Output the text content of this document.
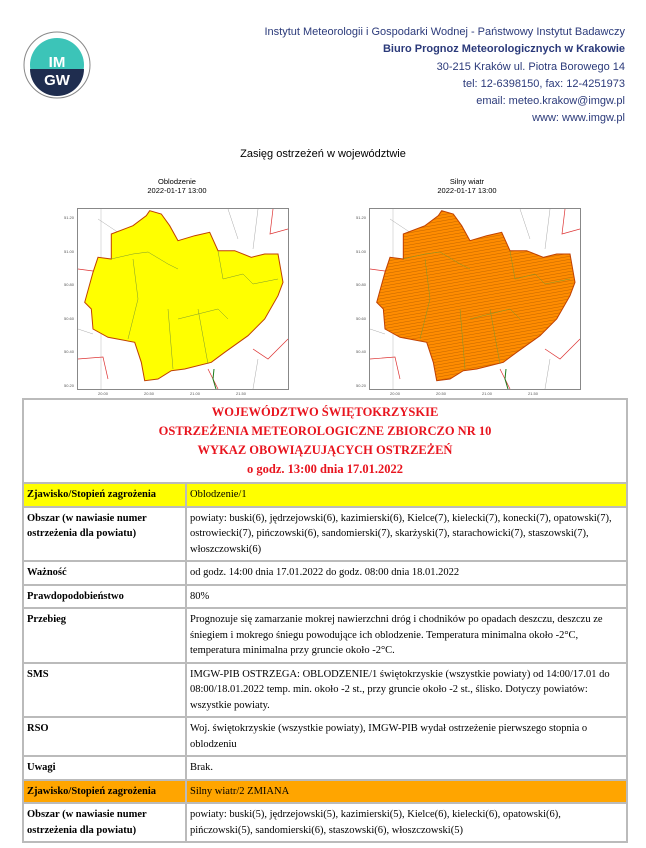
IM
GW
Instytut Meteorologii i Gospodarki Wodnej - Państwowy Instytut Badawczy
Biuro Prognoz Meteorologicznych w Krakowie
30-215 Kraków ul. Piotra Borowego 14
tel: 12-6398150, fax: 12-4251973
email: meteo.krakow@imgw.pl
www: www.imgw.pl
Zasięg ostrzeżeń w województwie
Oblodzenie
2022-01-17 13:00
Silny wiatr
2022-01-17 13:00
51.20
51.00
50.80
50.60
50.40
50.20
20.00	20.50	21.00	21.50
51.20
51.00
50.80
50.60
50.40
50.20
20.00	20.50	21.00	21.50
WOJEWÓDZTWO ŚWIĘTOKRZYSKIE
OSTRZEŻENIA METEOROLOGICZNE ZBIORCZO NR 10
WYKAZ OBOWIĄZUJĄCYCH OSTRZEŻEŃ
o godz. 13:00 dnia 17.01.2022	

Zjawisko/Stopień zagrożenia	Oblodzenie/1
Obszar (w nawiasie numer ostrzeżenia dla powiatu)	powiaty: buski(6), jędrzejowski(6), kazimierski(6), Kielce(7), kielecki(7), konecki(7), opatowski(7), ostrowiecki(7), pińczowski(6), sandomierski(7), skarżyski(7), starachowicki(7), staszowski(7), włoszczowski(6)
Ważność	od godz. 14:00 dnia 17.01.2022 do godz. 08:00 dnia 18.01.2022
Prawdopodobieństwo	80%
Przebieg	Prognozuje się zamarzanie mokrej nawierzchni dróg i chodników po opadach deszczu, deszczu ze śniegiem i mokrego śniegu powodujące ich oblodzenie. Temperatura minimalna około -2°C, temperatura minimalna przy gruncie około -2°C.
SMS	IMGW-PIB OSTRZEGA: OBLODZENIE/1 świętokrzyskie (wszystkie powiaty) od 14:00/17.01 do 08:00/18.01.2022 temp. min. około -2 st., przy gruncie około -2 st., ślisko. Dotyczy powiatów: wszystkie powiaty.
RSO	Woj. świętokrzyskie (wszystkie powiaty), IMGW-PIB wydał ostrzeżenie pierwszego stopnia o oblodzeniu
Uwagi	Brak.
Zjawisko/Stopień zagrożenia	Silny wiatr/2 ZMIANA
Obszar (w nawiasie numer ostrzeżenia dla powiatu)	powiaty: buski(5), jędrzejowski(5), kazimierski(5), Kielce(6), kielecki(6), opatowski(6), pińczowski(5), sandomierski(6), staszowski(6), włoszczowski(5)
